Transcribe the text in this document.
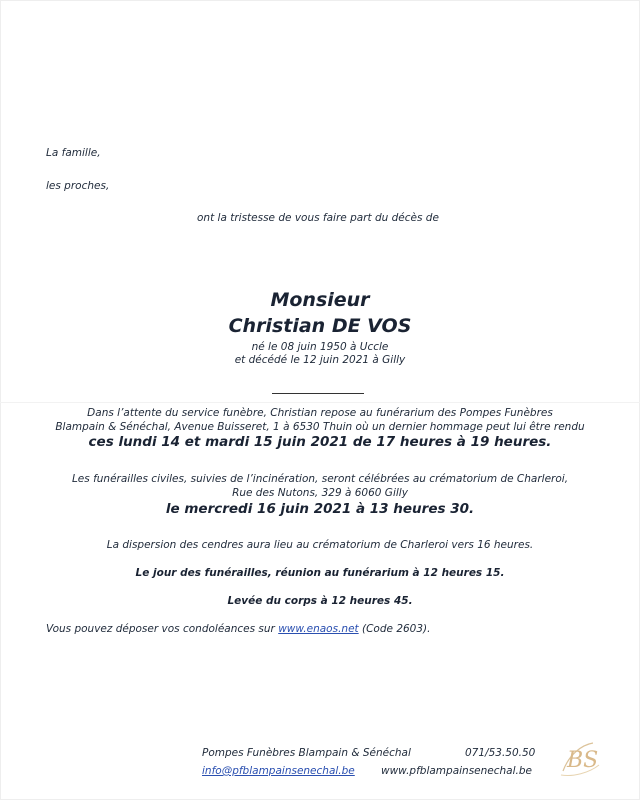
La famille,
les proches,
ont la tristesse de vous faire part du décès de
Monsieur
Christian DE VOS
né le 08 juin 1950 à Uccle
et décédé le 12 juin 2021 à Gilly
Dans l’attente du service funèbre, Christian repose au funérarium des Pompes Funèbres
Blampain & Sénéchal, Avenue Buisseret, 1 à 6530 Thuin où un dernier hommage peut lui être rendu
ces lundi 14 et mardi 15 juin 2021 de 17 heures à 19 heures.
Les funérailles civiles, suivies de l’incinération, seront célébrées au crématorium de Charleroi,
Rue des Nutons, 329 à 6060 Gilly
le mercredi 16 juin 2021 à 13 heures 30.
La dispersion des cendres aura lieu au crématorium de Charleroi vers 16 heures.
Le jour des funérailles, réunion au funérarium à 12 heures 15.
Levée du corps à 12 heures 45.
Vous pouvez déposer vos condoléances sur www.enaos.net (Code 2603).
Pompes Funèbres Blampain & Sénéchal	071/53.50.50
info@pfblampainsenechal.be www.pfblampainsenechal.be BS
